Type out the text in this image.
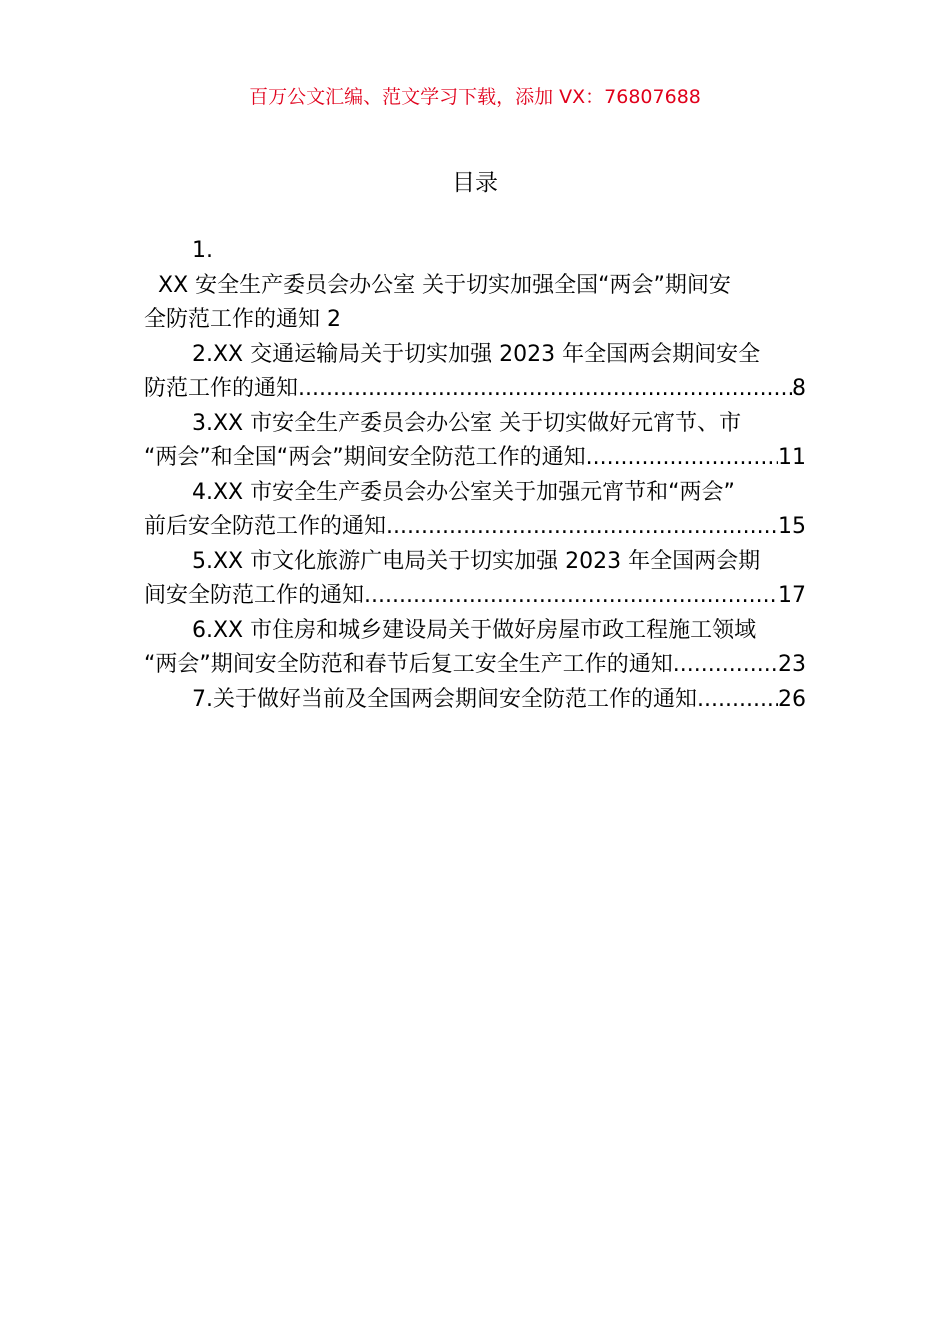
百万公文汇编、范文学习下载，添加 VX：76807688
目录
1.
XX 安全生产委员会办公室 关于切实加强全国“两会”期间安
全防范工作的通知 2
2.XX 交通运输局关于切实加强 2023 年全国两会期间安全
防范工作的通知 .....	8
3.XX 市安全生产委员会办公室 关于切实做好元宵节、市
“两会”和全国“两会”期间安全防范工作的通知 .....	11
4.XX 市安全生产委员会办公室关于加强元宵节和“两会”
前后安全防范工作的通知 .....	15
5.XX 市文化旅游广电局关于切实加强 2023 年全国两会期
间安全防范工作的通知 .....	17
6.XX 市住房和城乡建设局关于做好房屋市政工程施工领域
“两会”期间安全防范和春节后复工安全生产工作的通知 .....	23
7.关于做好当前及全国两会期间安全防范工作的通知 .....	26
